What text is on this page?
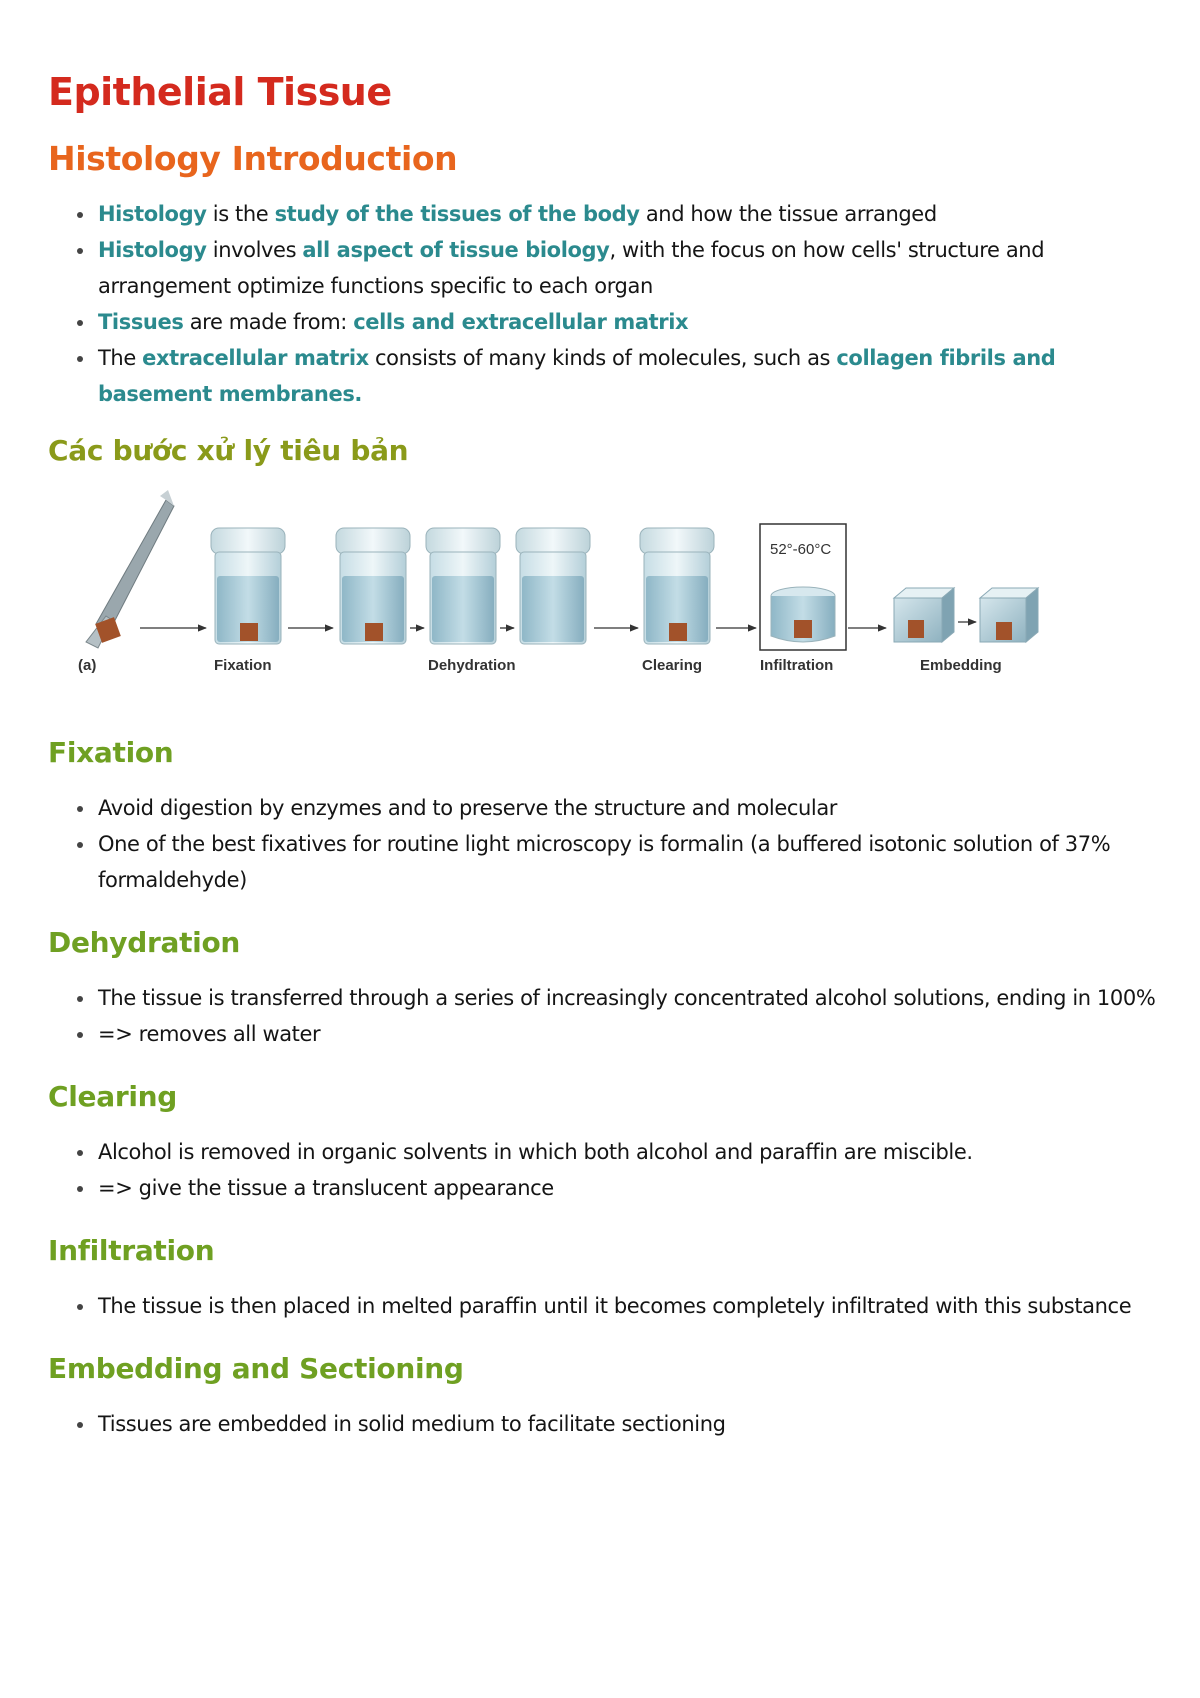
Epithelial Tissue
Histology Introduction
Histology is the study of the tissues of the body and how the tissue arranged
Histology involves all aspect of tissue biology, with the focus on how cells' structure and arrangement optimize functions specific to each organ
Tissues are made from: cells and extracellular matrix
The extracellular matrix consists of many kinds of molecules, such as collagen fibrils and basement membranes.
Các bước xử lý tiêu bản
(a)
52°-60°C
Fixation	Dehydration	Clearing	Infiltration	Embedding
Fixation
Avoid digestion by enzymes and to preserve the structure and molecular
One of the best fixatives for routine light microscopy is formalin (a buffered isotonic solution of 37% formaldehyde)
Dehydration
The tissue is transferred through a series of increasingly concentrated alcohol solutions, ending in 100%
=> removes all water
Clearing
Alcohol is removed in organic solvents in which both alcohol and paraffin are miscible.
=> give the tissue a translucent appearance
Infiltration
The tissue is then placed in melted paraffin until it becomes completely infiltrated with this substance
Embedding and Sectioning
Tissues are embedded in solid medium to facilitate sectioning
